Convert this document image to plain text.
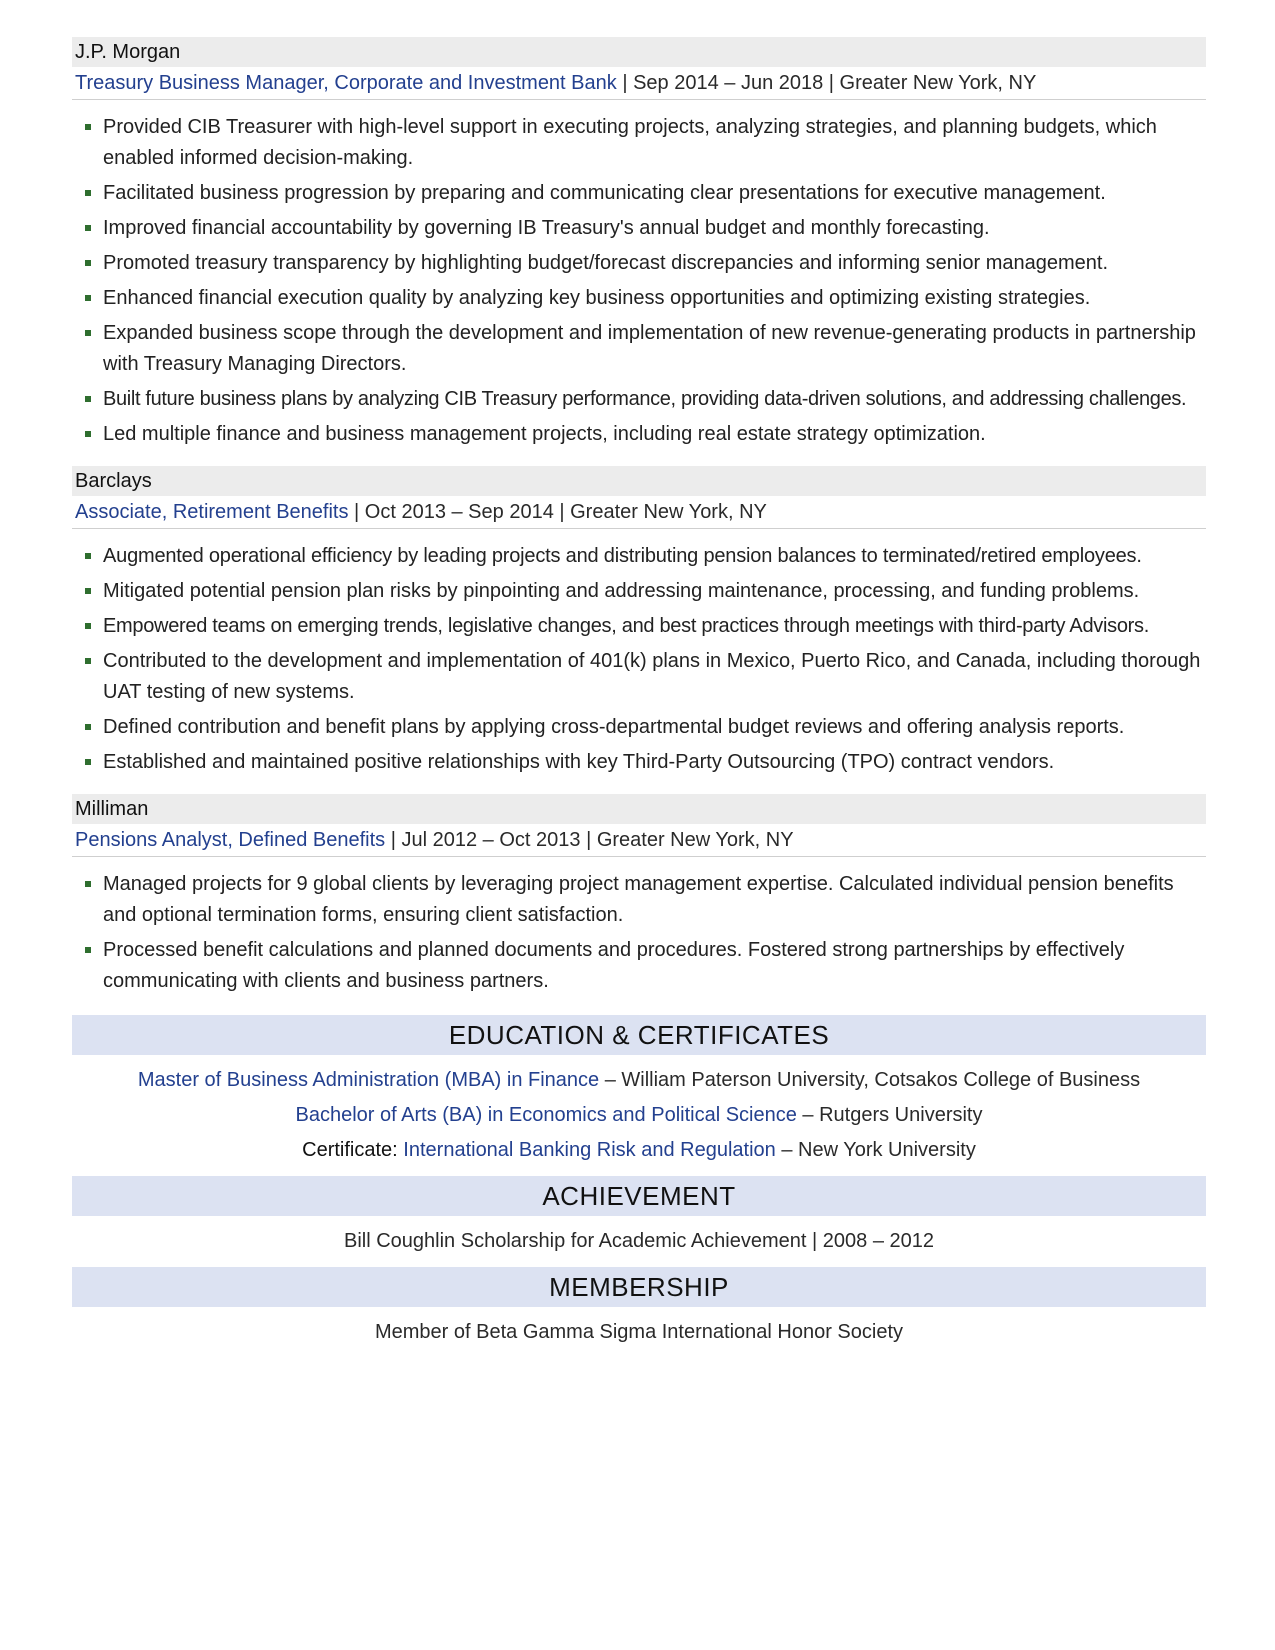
J.P. Morgan
Treasury Business Manager, Corporate and Investment Bank | Sep 2014 – Jun 2018 | Greater New York, NY
Provided CIB Treasurer with high-level support in executing projects, analyzing strategies, and planning budgets, which enabled informed decision-making.
Facilitated business progression by preparing and communicating clear presentations for executive management.
Improved financial accountability by governing IB Treasury's annual budget and monthly forecasting.
Promoted treasury transparency by highlighting budget/forecast discrepancies and informing senior management.
Enhanced financial execution quality by analyzing key business opportunities and optimizing existing strategies.
Expanded business scope through the development and implementation of new revenue-generating products in partnership with Treasury Managing Directors.
Built future business plans by analyzing CIB Treasury performance, providing data-driven solutions, and addressing challenges.
Led multiple finance and business management projects, including real estate strategy optimization.
Barclays
Associate, Retirement Benefits | Oct 2013 – Sep 2014 | Greater New York, NY
Augmented operational efficiency by leading projects and distributing pension balances to terminated/retired employees.
Mitigated potential pension plan risks by pinpointing and addressing maintenance, processing, and funding problems.
Empowered teams on emerging trends, legislative changes, and best practices through meetings with third-party Advisors.
Contributed to the development and implementation of 401(k) plans in Mexico, Puerto Rico, and Canada, including thorough UAT testing of new systems.
Defined contribution and benefit plans by applying cross-departmental budget reviews and offering analysis reports.
Established and maintained positive relationships with key Third-Party Outsourcing (TPO) contract vendors.
Milliman
Pensions Analyst, Defined Benefits | Jul 2012 – Oct 2013 | Greater New York, NY
Managed projects for 9 global clients by leveraging project management expertise. Calculated individual pension benefits and optional termination forms, ensuring client satisfaction.
Processed benefit calculations and planned documents and procedures. Fostered strong partnerships by effectively communicating with clients and business partners.
EDUCATION & CERTIFICATES
Master of Business Administration (MBA) in Finance – William Paterson University, Cotsakos College of Business
Bachelor of Arts (BA) in Economics and Political Science – Rutgers University
Certificate: International Banking Risk and Regulation – New York University
ACHIEVEMENT
Bill Coughlin Scholarship for Academic Achievement | 2008 – 2012
MEMBERSHIP
Member of Beta Gamma Sigma International Honor Society
